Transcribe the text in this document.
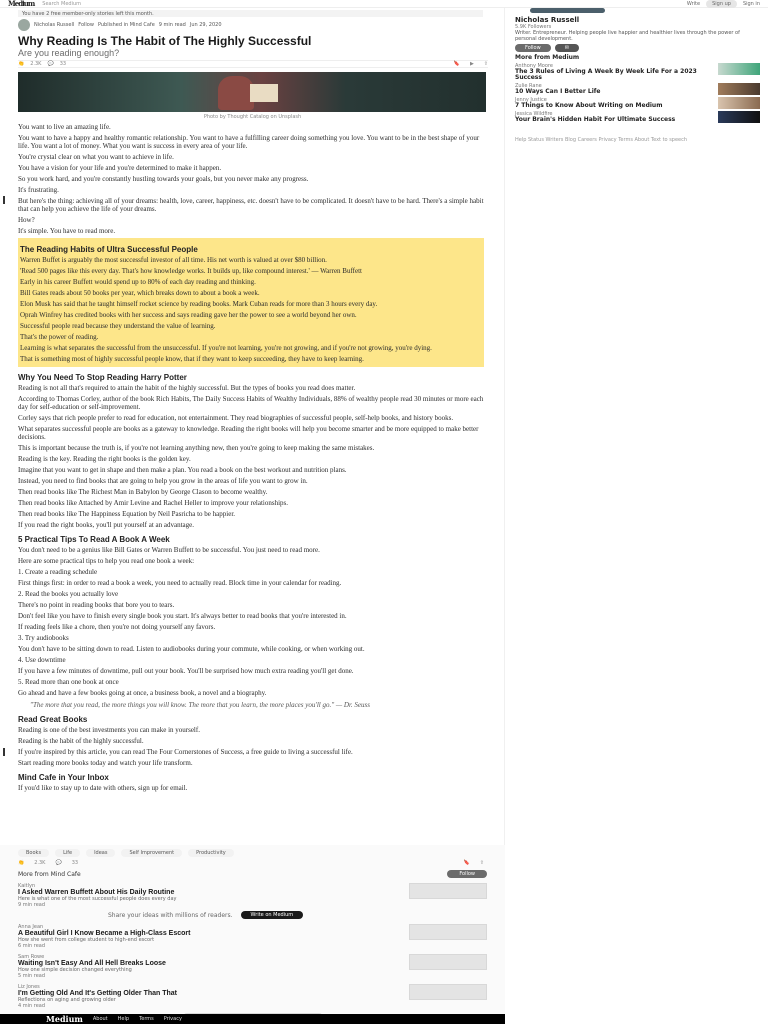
Medium Search Medium	Write	Sign up	Sign in
You have 2 free member-only stories left this month.
Nicholas Russell Follow Published in Mind Cafe 9 min read Jun 29, 2020
Why Reading Is The Habit of The Highly Successful
Are you reading enough?
👏 2.3K 💬 33	🔖 ▶ ⇪
Photo by Thought Catalog on Unsplash

You want to live an amazing life.

You want to have a happy and healthy romantic relationship. You want to have a fulfilling career doing something you love. You want to be in the best shape of your life. You want a lot of money. What you want is success in every area of your life.

You're crystal clear on what you want to achieve in life.

You have a vision for your life and you're determined to make it happen.

So you work hard, and you're constantly hustling towards your goals, but you never make any progress.

It's frustrating.

But here's the thing: achieving all of your dreams: health, love, career, happiness, etc. doesn't have to be complicated. It doesn't have to be hard. There's a simple habit that can help you achieve the life of your dreams.

How?

It's simple. You have to read more.

The Reading Habits of Ultra Successful People

Warren Buffet is arguably the most successful investor of all time. His net worth is valued at over $80 billion.

'Read 500 pages like this every day. That's how knowledge works. It builds up, like compound interest.' — Warren Buffett

Early in his career Buffett would spend up to 80% of each day reading and thinking.

Bill Gates reads about 50 books per year, which breaks down to about a book a week.

Elon Musk has said that he taught himself rocket science by reading books. Mark Cuban reads for more than 3 hours every day.

Oprah Winfrey has credited books with her success and says reading gave her the power to see a world beyond her own.

Successful people read because they understand the value of learning.

That's the power of reading.

Learning is what separates the successful from the unsuccessful. If you're not learning, you're not growing, and if you're not growing, you're dying.

That is something most of highly successful people know, that if they want to keep succeeding, they have to keep learning.

Why You Need To Stop Reading Harry Potter

Reading is not all that's required to attain the habit of the highly successful. But the types of books you read does matter.

According to Thomas Corley, author of the book Rich Habits, The Daily Success Habits of Wealthy Individuals, 88% of wealthy people read 30 minutes or more each day for self-education or self-improvement.

Corley says that rich people prefer to read for education, not entertainment. They read biographies of successful people, self-help books, and history books.

What separates successful people are books as a gateway to knowledge. Reading the right books will help you become smarter and be more equipped to make better decisions.

This is important because the truth is, if you're not learning anything new, then you're going to keep making the same mistakes.

Reading is the key. Reading the right books is the golden key.

Imagine that you want to get in shape and then make a plan. You read a book on the best workout and nutrition plans.

Instead, you need to find books that are going to help you grow in the areas of life you want to grow in.

Then read books like The Richest Man in Babylon by George Clason to become wealthy.

Then read books like Attached by Amir Levine and Rachel Heller to improve your relationships.

Then read books like The Happiness Equation by Neil Pasricha to be happier.

If you read the right books, you'll put yourself at an advantage.

5 Practical Tips To Read A Book A Week

You don't need to be a genius like Bill Gates or Warren Buffett to be successful. You just need to read more.

Here are some practical tips to help you read one book a week:

1. Create a reading schedule

First things first: in order to read a book a week, you need to actually read. Block time in your calendar for reading.

2. Read the books you actually love

There's no point in reading books that bore you to tears.

Don't feel like you have to finish every single book you start. It's always better to read books that you're interested in.

If reading feels like a chore, then you're not doing yourself any favors.

3. Try audiobooks

You don't have to be sitting down to read. Listen to audiobooks during your commute, while cooking, or when working out.

4. Use downtime

If you have a few minutes of downtime, pull out your book. You'll be surprised how much extra reading you'll get done.

5. Read more than one book at once

Go ahead and have a few books going at once, a business book, a novel and a biography.

"The more that you read, the more things you will know. The more that you learn, the more places you'll go." — Dr. Seuss

Read Great Books

Reading is one of the best investments you can make in yourself.

Reading is the habit of the highly successful.

If you're inspired by this article, you can read The Four Cornerstones of Success, a free guide to living a successful life.

Start reading more books today and watch your life transform.

Mind Cafe in Your Inbox

If you'd like to stay up to date with others, sign up for email.

Books	Life	Ideas	Self Improvement	Productivity
👏 2.3K 💬 33	🔖 ⇪
More from Mind Cafe	Follow
Kaitlyn
I Asked Warren Buffett About His Daily Routine
Here is what one of the most successful people does every day
9 min read
Share your ideas with millions of readers.	Write on Medium
Anna Jean
A Beautiful Girl I Know Became a High-Class Escort
How she went from college student to high-end escort
6 min read
Sam Rowe
Waiting Isn't Easy And All Hell Breaks Loose
How one simple decision changed everything
5 min read
Liz Jones
I'm Getting Old And It's Getting Older Than That
Reflections on aging and growing older
4 min read
Medium About Help Terms Privacy
Nicholas Russell
5.9K Followers
Writer. Entrepreneur. Helping people live happier and healthier lives through the power of personal development.
Follow	✉
More from Medium
Anthony Moore
The 3 Rules of Living A Week By Week Life For a 2023 Success
Zulie Rane
10 Ways Can I Better Life
Jenny Justice
7 Things to Know About Writing on Medium
Jessica Wildfire
Your Brain's Hidden Habit For Ultimate Success
Help Status Writers Blog Careers Privacy Terms About Text to speech
